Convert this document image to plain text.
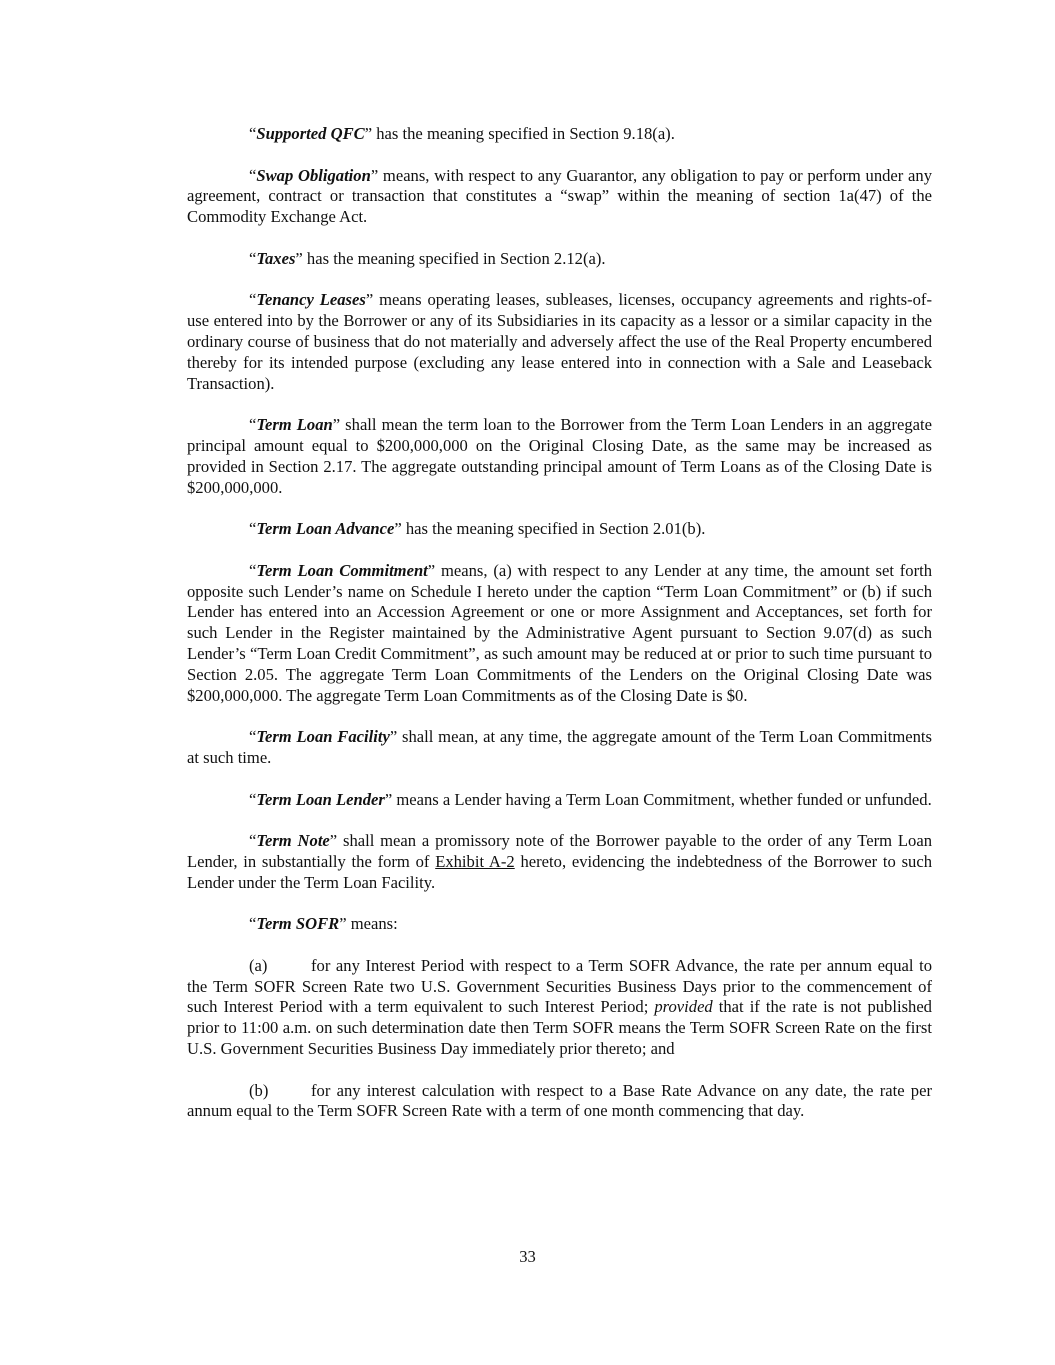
“Supported QFC” has the meaning specified in Section 9.18(a).

“Swap Obligation” means, with respect to any Guarantor, any obligation to pay or perform under any agreement, contract or transaction that constitutes a “swap” within the meaning of section 1a(47) of the Commodity Exchange Act.

“Taxes” has the meaning specified in Section 2.12(a).

“Tenancy Leases” means operating leases, subleases, licenses, occupancy agreements and rights-of-use entered into by the Borrower or any of its Subsidiaries in its capacity as a lessor or a similar capacity in the ordinary course of business that do not materially and adversely affect the use of the Real Property encumbered thereby for its intended purpose (excluding any lease entered into in connection with a Sale and Leaseback Transaction).

“Term Loan” shall mean the term loan to the Borrower from the Term Loan Lenders in an aggregate principal amount equal to $200,000,000 on the Original Closing Date, as the same may be increased as provided in Section 2.17. The aggregate outstanding principal amount of Term Loans as of the Closing Date is $200,000,000.

“Term Loan Advance” has the meaning specified in Section 2.01(b).

“Term Loan Commitment” means, (a) with respect to any Lender at any time, the amount set forth opposite such Lender’s name on Schedule I hereto under the caption “Term Loan Commitment” or (b) if such Lender has entered into an Accession Agreement or one or more Assignment and Acceptances, set forth for such Lender in the Register maintained by the Administrative Agent pursuant to Section 9.07(d) as such Lender’s “Term Loan Credit Commitment”, as such amount may be reduced at or prior to such time pursuant to Section 2.05. The aggregate Term Loan Commitments of the Lenders on the Original Closing Date was $200,000,000. The aggregate Term Loan Commitments as of the Closing Date is $0.

“Term Loan Facility” shall mean, at any time, the aggregate amount of the Term Loan Commitments at such time.

“Term Loan Lender” means a Lender having a Term Loan Commitment, whether funded or unfunded.

“Term Note” shall mean a promissory note of the Borrower payable to the order of any Term Loan Lender, in substantially the form of Exhibit A-2 hereto, evidencing the indebtedness of the Borrower to such Lender under the Term Loan Facility.

“Term SOFR” means:

(a)	for any Interest Period with respect to a Term SOFR Advance, the rate per annum equal to the Term SOFR Screen Rate two U.S. Government Securities Business Days prior to the commencement of such Interest Period with a term equivalent to such Interest Period; provided that if the rate is not published prior to 11:00 a.m. on such determination date then Term SOFR means the Term SOFR Screen Rate on the first U.S. Government Securities Business Day immediately prior thereto; and

(b)	for any interest calculation with respect to a Base Rate Advance on any date, the rate per annum equal to the Term SOFR Screen Rate with a term of one month commencing that day.

33
